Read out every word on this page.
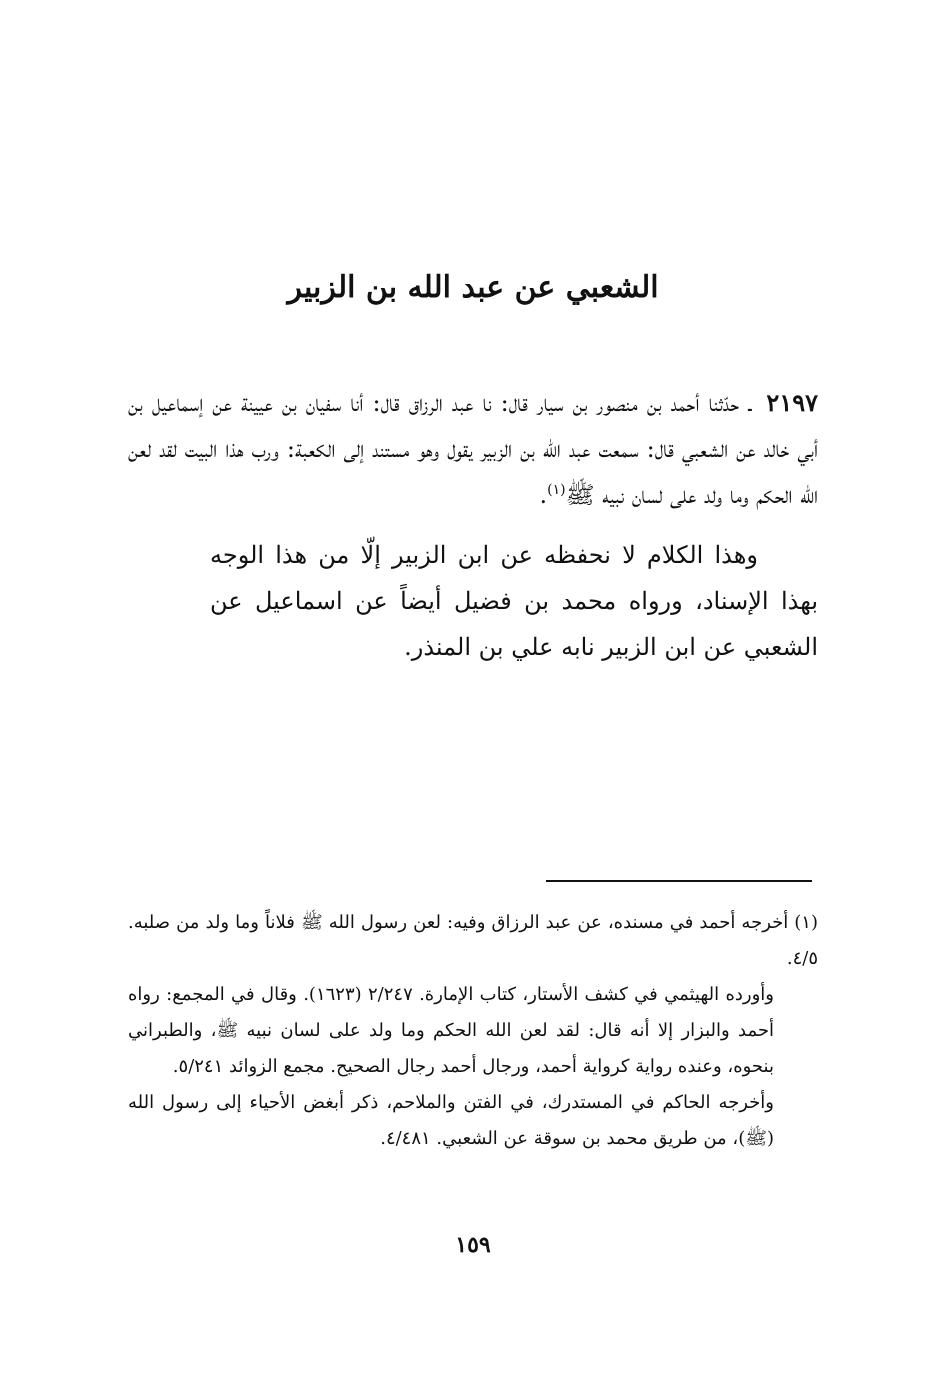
الشعبي عن عبد الله بن الزبير

٢١٩٧ ـ حدّثنا أحمد بن منصور بن سيار قال: نا عبد الرزاق قال: أنا سفيان بن عيينة عن إسماعيل بن أبي خالد عن الشعبي قال: سمعت عبد الله بن الزبير يقول وهو مستند إلى الكعبة: ورب هذا البيت لقد لعن الله الحكم وما ولد على لسان نبيه ﷺ$^{(١)}$.

وهذا الكلام لا نحفظه عن ابن الزبير إلّا من هذا الوجه بهذا الإسناد، ورواه محمد بن فضيل أيضاً عن اسماعيل عن الشعبي عن ابن الزبير نابه علي بن المنذر.

(١)أخرجه أحمد في مسنده، عن عبد الرزاق وفيه: لعن رسول الله ﷺ فلاناً وما ولد من صلبه. ٤/٥.

وأورده الهيثمي في كشف الأستار، كتاب الإمارة. ٢/٢٤٧ (١٦٢٣). وقال في المجمع: رواه أحمد والبزار إلا أنه قال: لقد لعن الله الحكم وما ولد على لسان نبيه ﷺ، والطبراني بنحوه، وعنده رواية كرواية أحمد، ورجال أحمد رجال الصحيح. مجمع الزوائد ٥/٢٤١.

وأخرجه الحاكم في المستدرك، في الفتن والملاحم، ذكر أبغض الأحياء إلى رسول الله (ﷺ)، من طريق محمد بن سوقة عن الشعبي. ٤/٤٨١.

١٥٩
